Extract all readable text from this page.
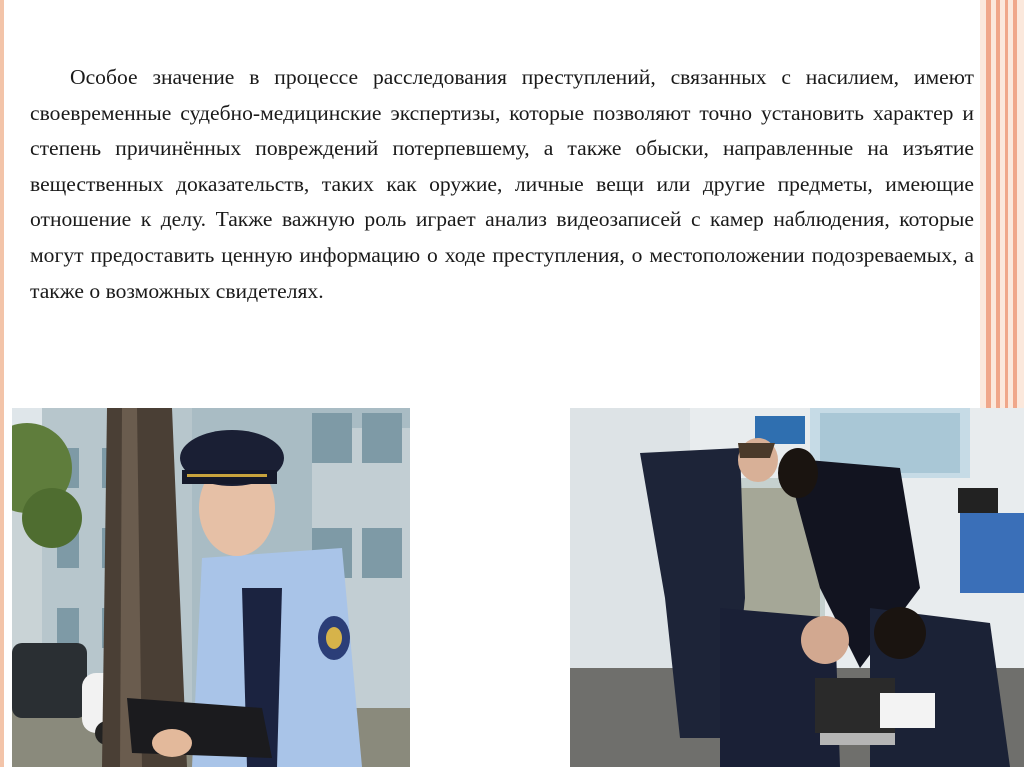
Особое значение в процессе расследования преступлений, связанных с насилием, имеют своевременные судебно-медицинские экспертизы, которые позволяют точно установить характер и степень причинённых повреждений потерпевшему, а также обыски, направленные на изъятие вещественных доказательств, таких как оружие, личные вещи или другие предметы, имеющие отношение к делу. Также важную роль играет анализ видеозаписей с камер наблюдения, которые могут предоставить ценную информацию о ходе преступления, о местоположении подозреваемых, а также о возможных свидетелях.
